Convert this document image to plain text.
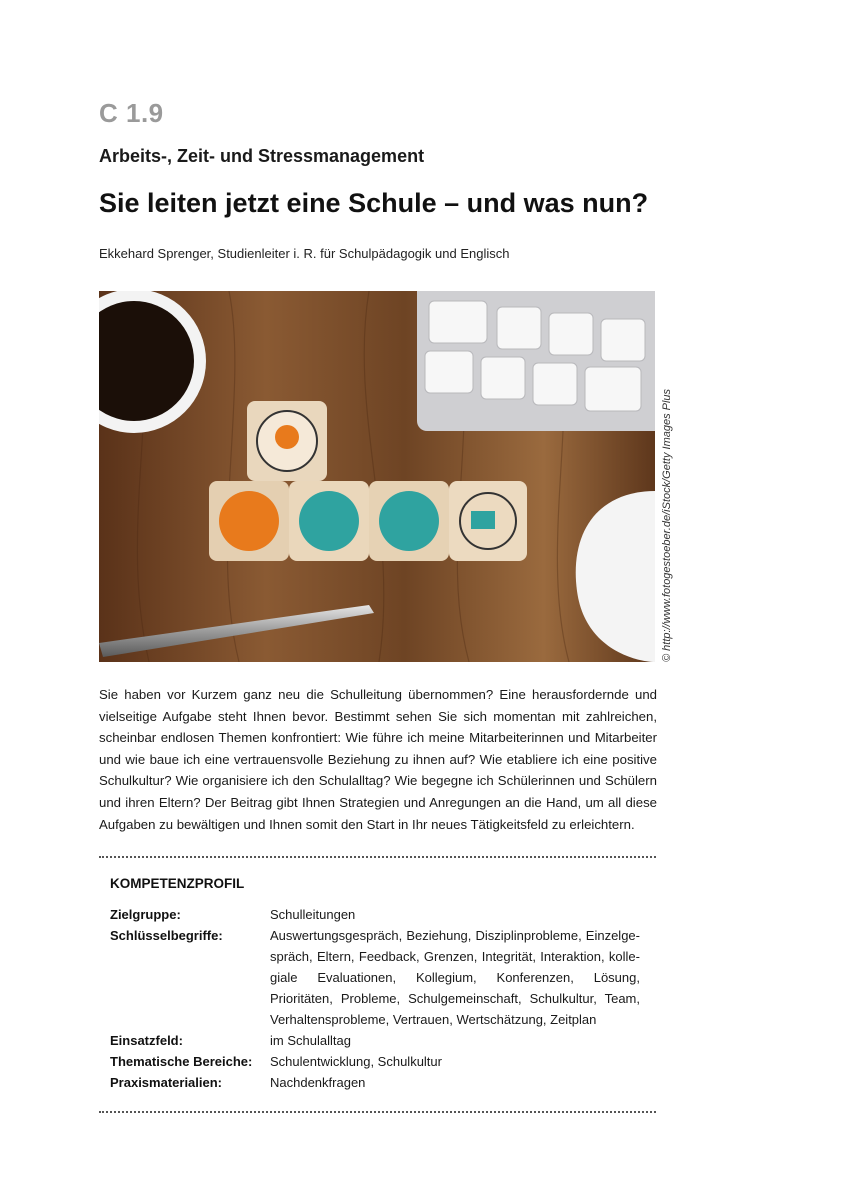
C 1.9
Arbeits-, Zeit- und Stressmanagement
Sie leiten jetzt eine Schule – und was nun?
Ekkehard Sprenger, Studienleiter i. R. für Schulpädagogik und Englisch
© http://www.fotogestoeber.de/iStock/Getty Images Plus
Sie haben vor Kurzem ganz neu die Schulleitung übernommen? Eine herausfordernde und vielseitige Aufgabe steht Ihnen bevor. Bestimmt sehen Sie sich momentan mit zahlreichen, scheinbar endlosen Themen konfrontiert: Wie führe ich meine Mitarbeiterinnen und Mitarbeiter und wie baue ich eine vertrauensvolle Beziehung zu ihnen auf? Wie etabliere ich eine positive Schulkultur? Wie organisiere ich den Schulalltag? Wie begegne ich Schülerinnen und Schülern und ihren Eltern? Der Beitrag gibt Ihnen Strategien und Anregungen an die Hand, um all diese Aufgaben zu bewältigen und Ihnen somit den Start in Ihr neues Tätigkeitsfeld zu erleichtern.
KOMPETENZPROFIL
Zielgruppe:	Schulleitungen
Schlüsselbegriffe:	Auswertungsgespräch, Beziehung, Disziplinprobleme, Einzelgespräch, Eltern, Feedback, Grenzen, Integrität, Interaktion, kollegiale Evaluationen, Kollegium, Konferenzen, Lösung, Prioritäten, Probleme, Schulgemeinschaft, Schulkultur, Team, Verhaltensprobleme, Vertrauen, Wertschätzung, Zeitplan
Einsatzfeld:	im Schulalltag
Thematische Bereiche: Schulentwicklung, Schulkultur
Praxismaterialien:	Nachdenkfragen
